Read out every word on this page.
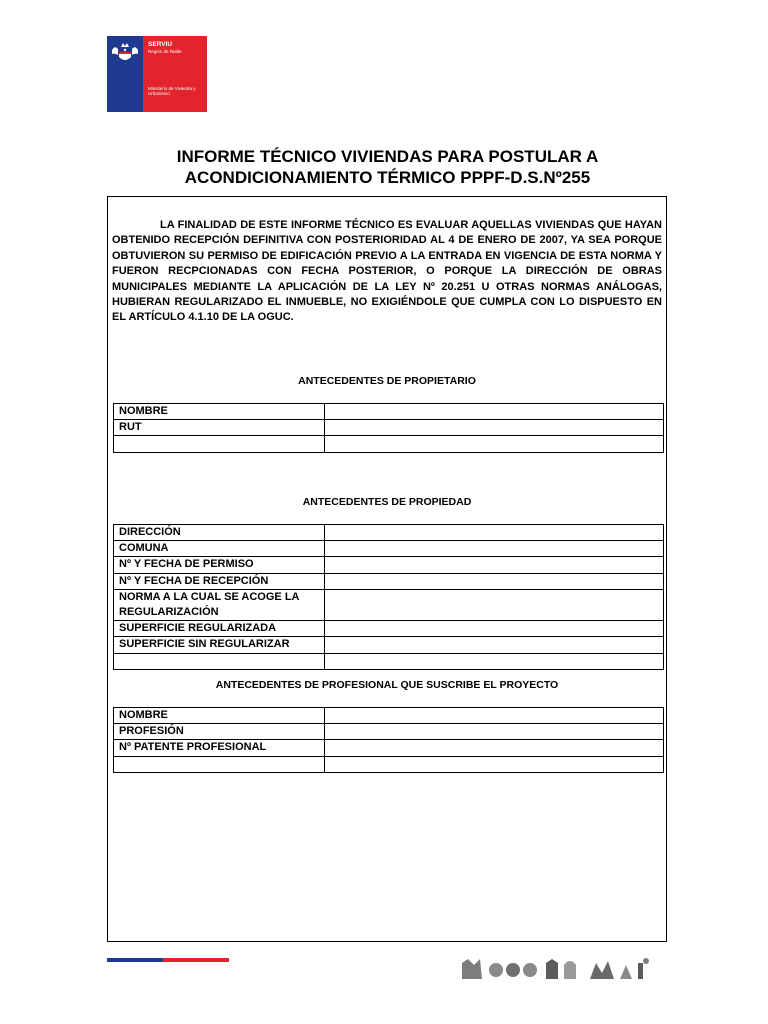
SERVIU
Región de Ñuble
Ministerio de Vivienda y Urbanismo
INFORME TÉCNICO VIVIENDAS PARA POSTULAR A
ACONDICIONAMIENTO TÉRMICO PPPF-D.S.Nº255
LA FINALIDAD DE ESTE INFORME TÉCNICO ES EVALUAR AQUELLAS VIVIENDAS QUE HAYAN OBTENIDO RECEPCIÓN DEFINITIVA CON POSTERIORIDAD AL 4 DE ENERO DE 2007, YA SEA PORQUE OBTUVIERON SU PERMISO DE EDIFICACIÓN PREVIO A LA ENTRADA EN VIGENCIA DE ESTA NORMA Y FUERON RECPCIONADAS CON FECHA POSTERIOR, O PORQUE LA DIRECCIÓN DE OBRAS MUNICIPALES MEDIANTE LA APLICACIÓN DE LA LEY Nº 20.251 U OTRAS NORMAS ANÁLOGAS, HUBIERAN REGULARIZADO EL INMUEBLE, NO EXIGIÉNDOLE QUE CUMPLA CON LO DISPUESTO EN EL ARTÍCULO 4.1.10 DE LA OGUC.
ANTECEDENTES DE PROPIETARIO
NOMBRE	
RUT	

ANTECEDENTES DE PROPIEDAD
DIRECCIÓN	
COMUNA	
Nº Y FECHA DE PERMISO	
Nº Y FECHA DE RECEPCIÓN	
NORMA A LA CUAL SE ACOGE LA REGULARIZACIÓN	
SUPERFICIE REGULARIZADA	
SUPERFICIE SIN REGULARIZAR	

ANTECEDENTES DE PROFESIONAL QUE SUSCRIBE EL PROYECTO
NOMBRE	
PROFESIÓN	
Nº PATENTE PROFESIONAL	
